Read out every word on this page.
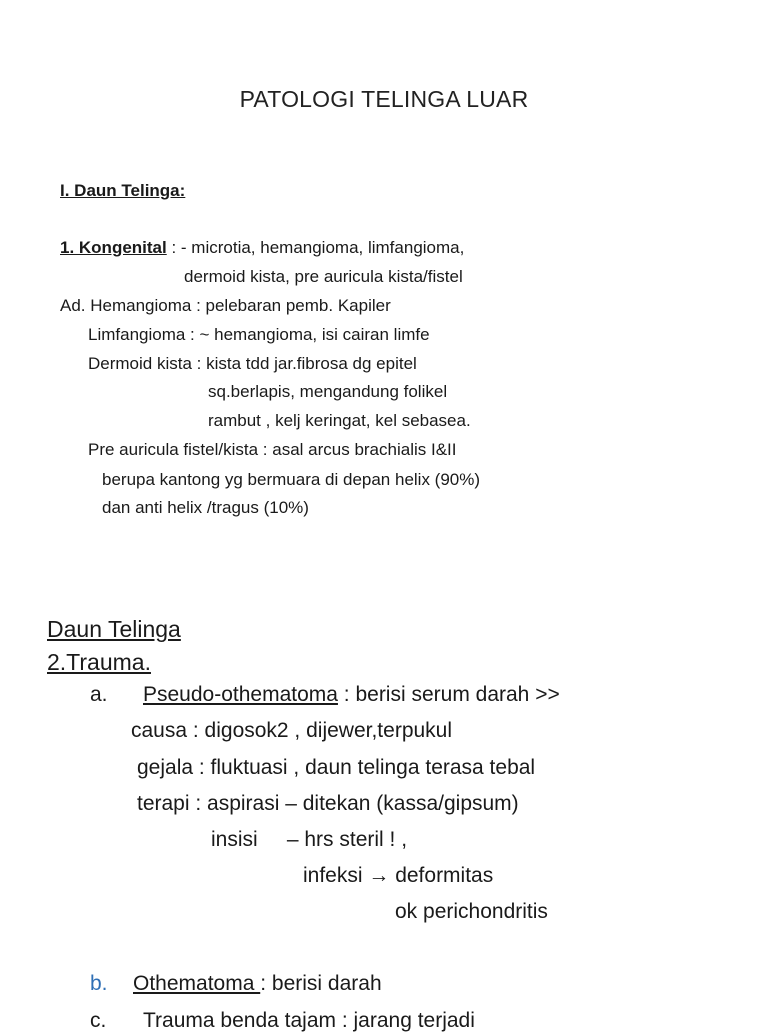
PATOLOGI TELINGA LUAR
I. Daun Telinga:
1. Kongenital : - microtia, hemangioma, limfangioma,
dermoid kista, pre auricula kista/fistel
Ad. Hemangioma : pelebaran pemb. Kapiler
Limfangioma : ~ hemangioma, isi cairan limfe
Dermoid kista : kista tdd jar.fibrosa dg epitel
sq.berlapis, mengandung folikel
rambut , kelj keringat, kel sebasea.
Pre auricula fistel/kista : asal arcus brachialis I&II
berupa kantong yg bermuara di depan helix (90%)
dan anti helix /tragus (10%)
Daun Telinga
2.Trauma.
a. Pseudo-othematoma : berisi serum darah >>
causa : digosok2 , dijewer,terpukul
gejala : fluktuasi , daun telinga terasa tebal
terapi : aspirasi – ditekan (kassa/gipsum)
insisi     – hrs steril ! ,
infeksi → deformitas
ok perichondritis
b. Othematoma : berisi darah
c. Trauma benda tajam : jarang terjadi
